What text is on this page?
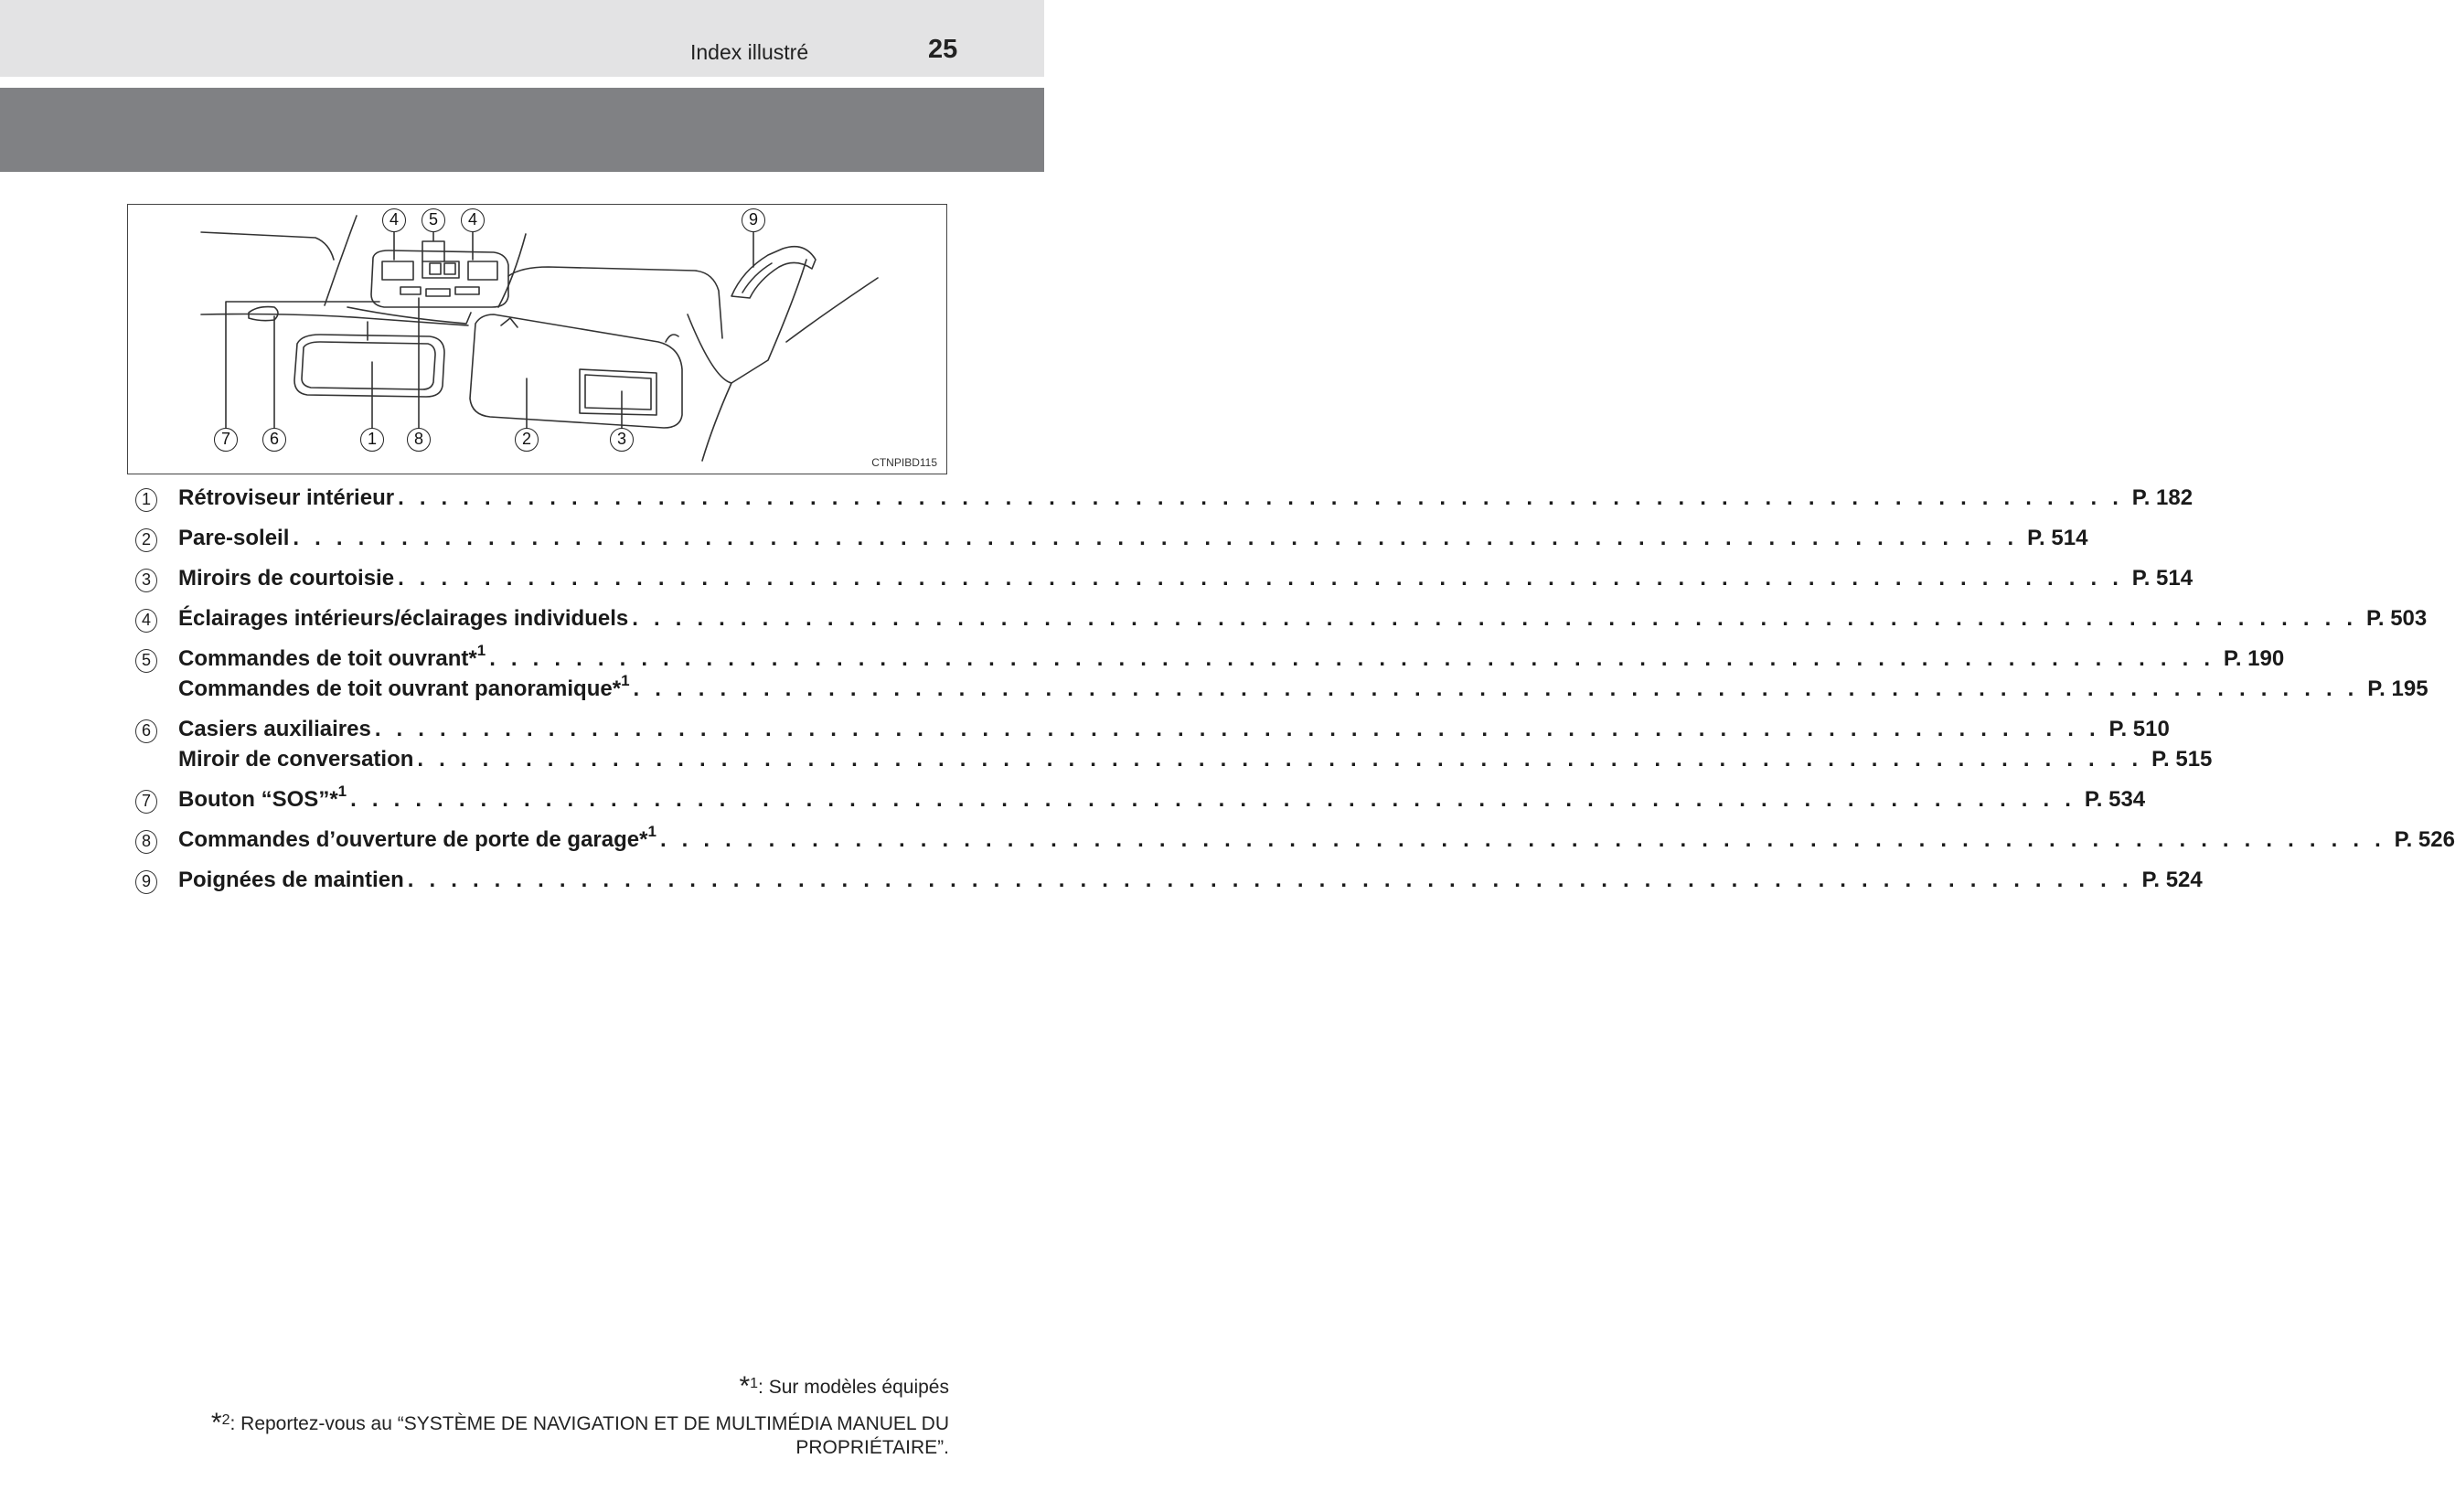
Index illustré	25
4	5	4	9
7	6	1	8	2	3
CTNPIBD115
1 Rétroviseur intérieur . . . . . . . . . . . . . . . . . . . . . . . . . . . . . . . . . . . . . . . . . . . . . . . . . . . . . . . . . . . . . . . . . . . . . . . . . . . . . . . . P. 182
2 Pare-soleil . . . . . . . . . . . . . . . . . . . . . . . . . . . . . . . . . . . . . . . . . . . . . . . . . . . . . . . . . . . . . . . . . . . . . . . . . . . . . . . . P. 514
3 Miroirs de courtoisie . . . . . . . . . . . . . . . . . . . . . . . . . . . . . . . . . . . . . . . . . . . . . . . . . . . . . . . . . . . . . . . . . . . . . . . . . . . . . . . . P. 514
4 Éclairages intérieurs/éclairages individuels . . . . . . . . . . . . . . . . . . . . . . . . . . . . . . . . . . . . . . . . . . . . . . . . . . . . . . . . . . . . . . . . . . . . . . . . . . . . . . . . P. 503
5 Commandes de toit ouvrant*$^1$ . . . . . . . . . . . . . . . . . . . . . . . . . . . . . . . . . . . . . . . . . . . . . . . . . . . . . . . . . . . . . . . . . . . . . . . . . . . . . . . . P. 190
Commandes de toit ouvrant panoramique*$^1$ . . . . . . . . . . . . . . . . . . . . . . . . . . . . . . . . . . . . . . . . . . . . . . . . . . . . . . . . . . . . . . . . . . . . . . . . . . . . . . . . P. 195
6 Casiers auxiliaires . . . . . . . . . . . . . . . . . . . . . . . . . . . . . . . . . . . . . . . . . . . . . . . . . . . . . . . . . . . . . . . . . . . . . . . . . . . . . . . . P. 510
Miroir de conversation . . . . . . . . . . . . . . . . . . . . . . . . . . . . . . . . . . . . . . . . . . . . . . . . . . . . . . . . . . . . . . . . . . . . . . . . . . . . . . . . P. 515
7 Bouton “SOS”*$^1$ . . . . . . . . . . . . . . . . . . . . . . . . . . . . . . . . . . . . . . . . . . . . . . . . . . . . . . . . . . . . . . . . . . . . . . . . . . . . . . . . P. 534
8 Commandes d’ouverture de porte de garage*$^1$ . . . . . . . . . . . . . . . . . . . . . . . . . . . . . . . . . . . . . . . . . . . . . . . . . . . . . . . . . . . . . . . . . . . . . . . . . . . . . . . . P. 526
9 Poignées de maintien . . . . . . . . . . . . . . . . . . . . . . . . . . . . . . . . . . . . . . . . . . . . . . . . . . . . . . . . . . . . . . . . . . . . . . . . . . . . . . . . P. 524
*$^1$: Sur modèles équipés
*$^2$: Reportez-vous au “SYSTÈME DE NAVIGATION ET DE MULTIMÉDIA MANUEL DU
PROPRIÉTAIRE”.
